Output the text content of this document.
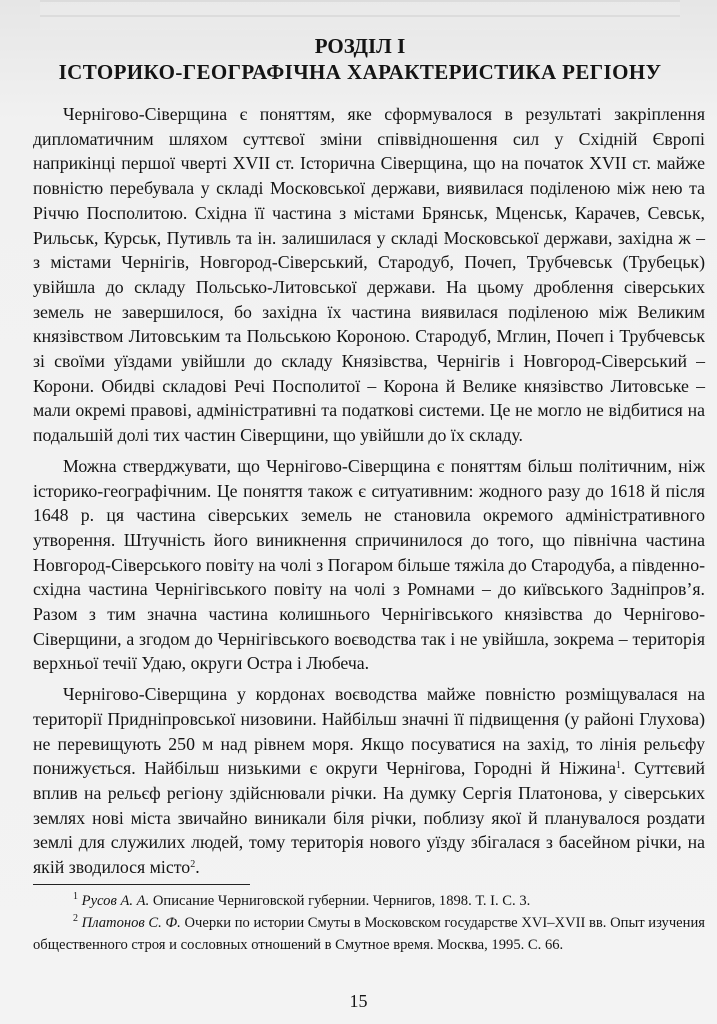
РОЗДІЛ І
ІСТОРИКО-ГЕОГРАФІЧНА ХАРАКТЕРИСТИКА РЕГІОНУ

Чернігово-Сіверщина є поняттям, яке сформувалося в результаті закріплення дипломатичним шляхом суттєвої зміни співвідношення сил у Східній Європі наприкінці першої чверті XVII ст. Історична Сіверщина, що на початок XVII ст. майже повністю перебувала у складі Московської держави, виявилася поділеною між нею та Річчю Посполитою. Східна її частина з містами Брянськ, Мценськ, Карачев, Севськ, Рильськ, Курськ, Путивль та ін. залишилася у складі Московської держави, західна ж – з містами Чернігів, Новгород-Сіверський, Стародуб, Почеп, Трубчевськ (Трубецьк) увійшла до складу Польсько-Литовської держави. На цьому дроблення сіверських земель не завершилося, бо західна їх частина виявилася поділеною між Великим князівством Литовським та Польською Короною. Стародуб, Мглин, Почеп і Трубчевськ зі своїми уїздами увійшли до складу Князівства, Чернігів і Новгород-Сіверський – Корони. Обидві складові Речі Посполитої – Корона й Велике князівство Литовське – мали окремі правові, адміністративні та податкові системи. Це не могло не відбитися на подальшій долі тих частин Сіверщини, що увійшли до їх складу.

Можна стверджувати, що Чернігово-Сіверщина є поняттям більш політичним, ніж історико-географічним. Це поняття також є ситуативним: жодного разу до 1618 й після 1648 р. ця частина сіверських земель не становила окремого адміністративного утворення. Штучність його виникнення спричинилося до того, що північна частина Новгород-Сіверського повіту на чолі з Погаром більше тяжіла до Стародуба, а південно-східна частина Чернігівського повіту на чолі з Ромнами – до київського Задніпров’я. Разом з тим значна частина колишнього Чернігівського князівства до Чернігово-Сіверщини, а згодом до Чернігівського воєводства так і не увійшла, зокрема – територія верхньої течії Удаю, округи Остра і Любеча.

Чернігово-Сіверщина у кордонах воєводства майже повністю розміщувалася на території Придніпровської низовини. Найбільш значні її підвищення (у районі Глухова) не перевищують 250 м над рівнем моря. Якщо посуватися на захід, то лінія рельєфу понижується. Найбільш низькими є округи Чернігова, Городні й Ніжина$^1$. Суттєвий вплив на рельєф регіону здійснювали річки. На думку Сергія Платонова, у сіверських землях нові міста звичайно виникали біля річки, поблизу якої й планувалося роздати землі для служилих людей, тому територія нового уїзду збігалася з басейном річки, на якій зводилося місто$^2$.

$^1$ Русов А. А. Описание Черниговской губернии. Чернигов, 1898. Т. I. С. 3.

$^2$ Платонов С. Ф. Очерки по истории Смуты в Московском государстве XVI–XVII вв. Опыт изучения общественного строя и сословных отношений в Смутное время. Москва, 1995. С. 66.

15
